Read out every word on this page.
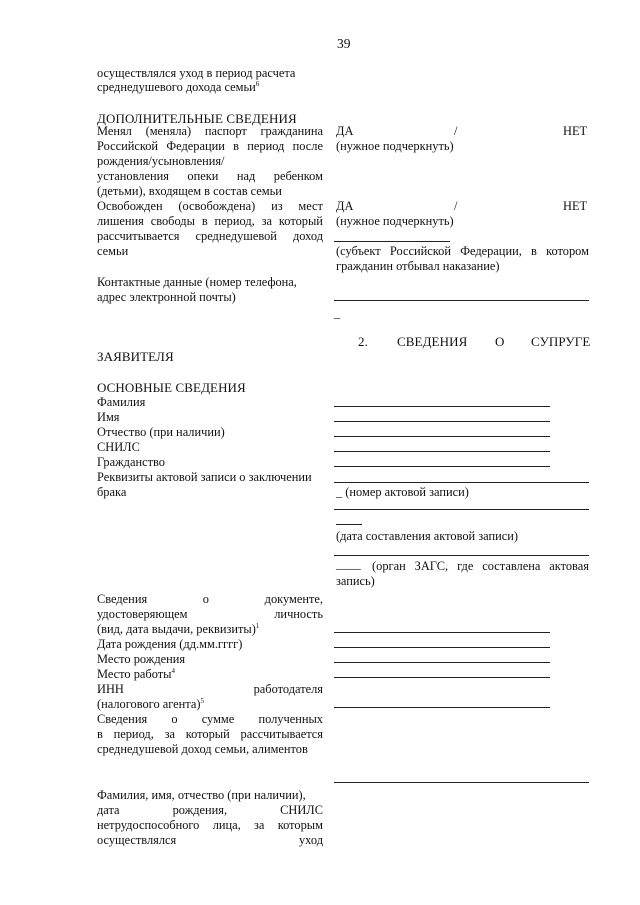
39
осуществлялся уход в период расчета
среднедушевого дохода семьи$^6$
ДОПОЛНИТЕЛЬНЫЕ СВЕДЕНИЯ
Менял (меняла) паспорт гражданина
Российской Федерации в период после
рождения/усыновления/
установления опеки над ребенком
(детьми), входящем в состав семьи
ДА	/	НЕТ
(нужное подчеркнуть)
Освобожден (освобождена) из мест
лишения свободы в период, за который
рассчитывается среднедушевой доход
семьи
ДА	/	НЕТ
(нужное подчеркнуть)
(субъект Российской Федерации, в котором
гражданин отбывал наказание)
Контактные данные (номер телефона,
адрес электронной почты)
_
2. СВЕДЕНИЯ О СУПРУГЕ
ЗАЯВИТЕЛЯ
ОСНОВНЫЕ СВЕДЕНИЯ
Фамилия
Имя
Отчество (при наличии)
СНИЛС
Гражданство
Реквизиты актовой записи о заключении
брака	_ (номер актовой записи)
(дата составления актовой записи)
____ (орган ЗАГС, где составлена актовая
запись)
Сведения	о	документе,
удостоверяющем	личность
(вид, дата выдачи, реквизиты)$^1$
Дата рождения (дд.мм.гггг)
Место рождения
Место работы$^4$
ИНН	работодателя
(налогового агента)$^5$
Сведения о сумме полученных
в период, за который рассчитывается
среднедушевой доход семьи, алиментов
Фамилия, имя, отчество (при наличии),
дата	рождения,	СНИЛС
нетрудоспособного лица, за которым
осуществлялся	уход
